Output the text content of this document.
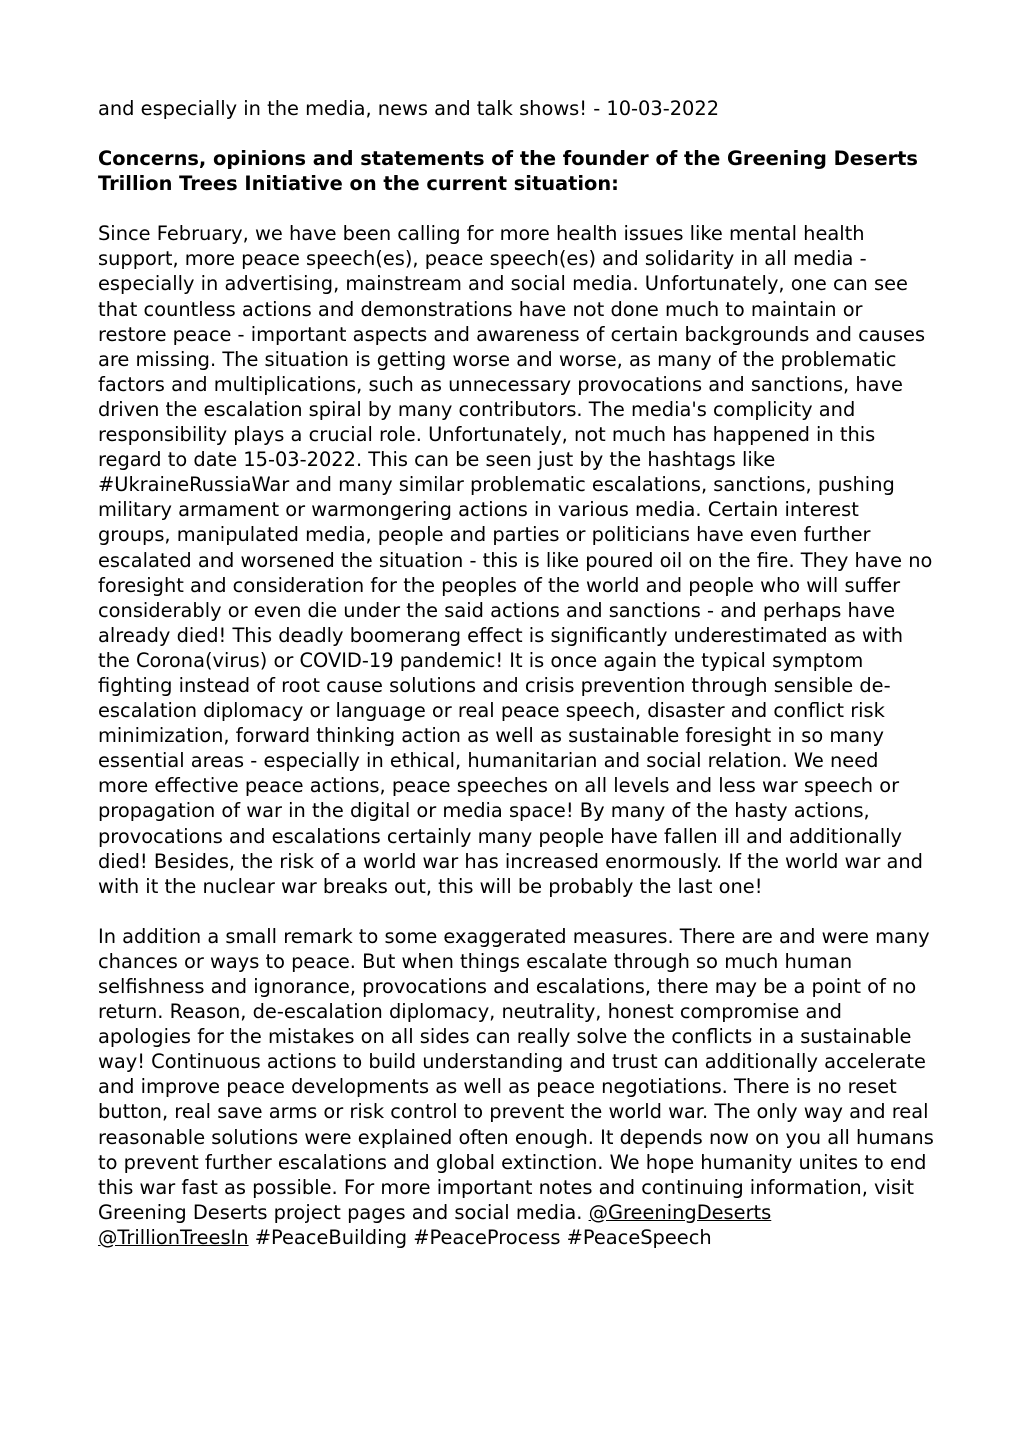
and especially in the media, news and talk shows! - 10-03-2022

Concerns, opinions and statements of the founder of the Greening Deserts Trillion Trees Initiative on the current situation:

Since February, we have been calling for more health issues like mental health support, more peace speech(es), peace speech(es) and solidarity in all media - especially in advertising, mainstream and social media. Unfortunately, one can see that countless actions and demonstrations have not done much to maintain or restore peace - important aspects and awareness of certain backgrounds and causes are missing. The situation is getting worse and worse, as many of the problematic factors and multiplications, such as unnecessary provocations and sanctions, have driven the escalation spiral by many contributors. The media's complicity and responsibility plays a crucial role. Unfortunately, not much has happened in this regard to date 15-03-2022. This can be seen just by the hashtags like #UkraineRussiaWar and many similar problematic escalations, sanctions, pushing military armament or warmongering actions in various media. Certain interest groups, manipulated media, people and parties or politicians have even further escalated and worsened the situation - this is like poured oil on the fire. They have no foresight and consideration for the peoples of the world and people who will suffer considerably or even die under the said actions and sanctions - and perhaps have already died! This deadly boomerang effect is significantly underestimated as with the Corona(virus) or COVID-19 pandemic! It is once again the typical symptom fighting instead of root cause solutions and crisis prevention through sensible de-escalation diplomacy or language or real peace speech, disaster and conflict risk minimization, forward thinking action as well as sustainable foresight in so many essential areas - especially in ethical, humanitarian and social relation. We need more effective peace actions, peace speeches on all levels and less war speech or propagation of war in the digital or media space! By many of the hasty actions, provocations and escalations certainly many people have fallen ill and additionally died! Besides, the risk of a world war has increased enormously. If the world war and with it the nuclear war breaks out, this will be probably the last one!

In addition a small remark to some exaggerated measures. There are and were many chances or ways to peace. But when things escalate through so much human selfishness and ignorance, provocations and escalations, there may be a point of no return. Reason, de-escalation diplomacy, neutrality, honest compromise and apologies for the mistakes on all sides can really solve the conflicts in a sustainable way! Continuous actions to build understanding and trust can additionally accelerate and improve peace developments as well as peace negotiations. There is no reset button, real save arms or risk control to prevent the world war. The only way and real reasonable solutions were explained often enough. It depends now on you all humans to prevent further escalations and global extinction. We hope humanity unites to end this war fast as possible. For more important notes and continuing information, visit Greening Deserts project pages and social media. @GreeningDeserts
@TrillionTreesIn #PeaceBuilding #PeaceProcess #PeaceSpeech
